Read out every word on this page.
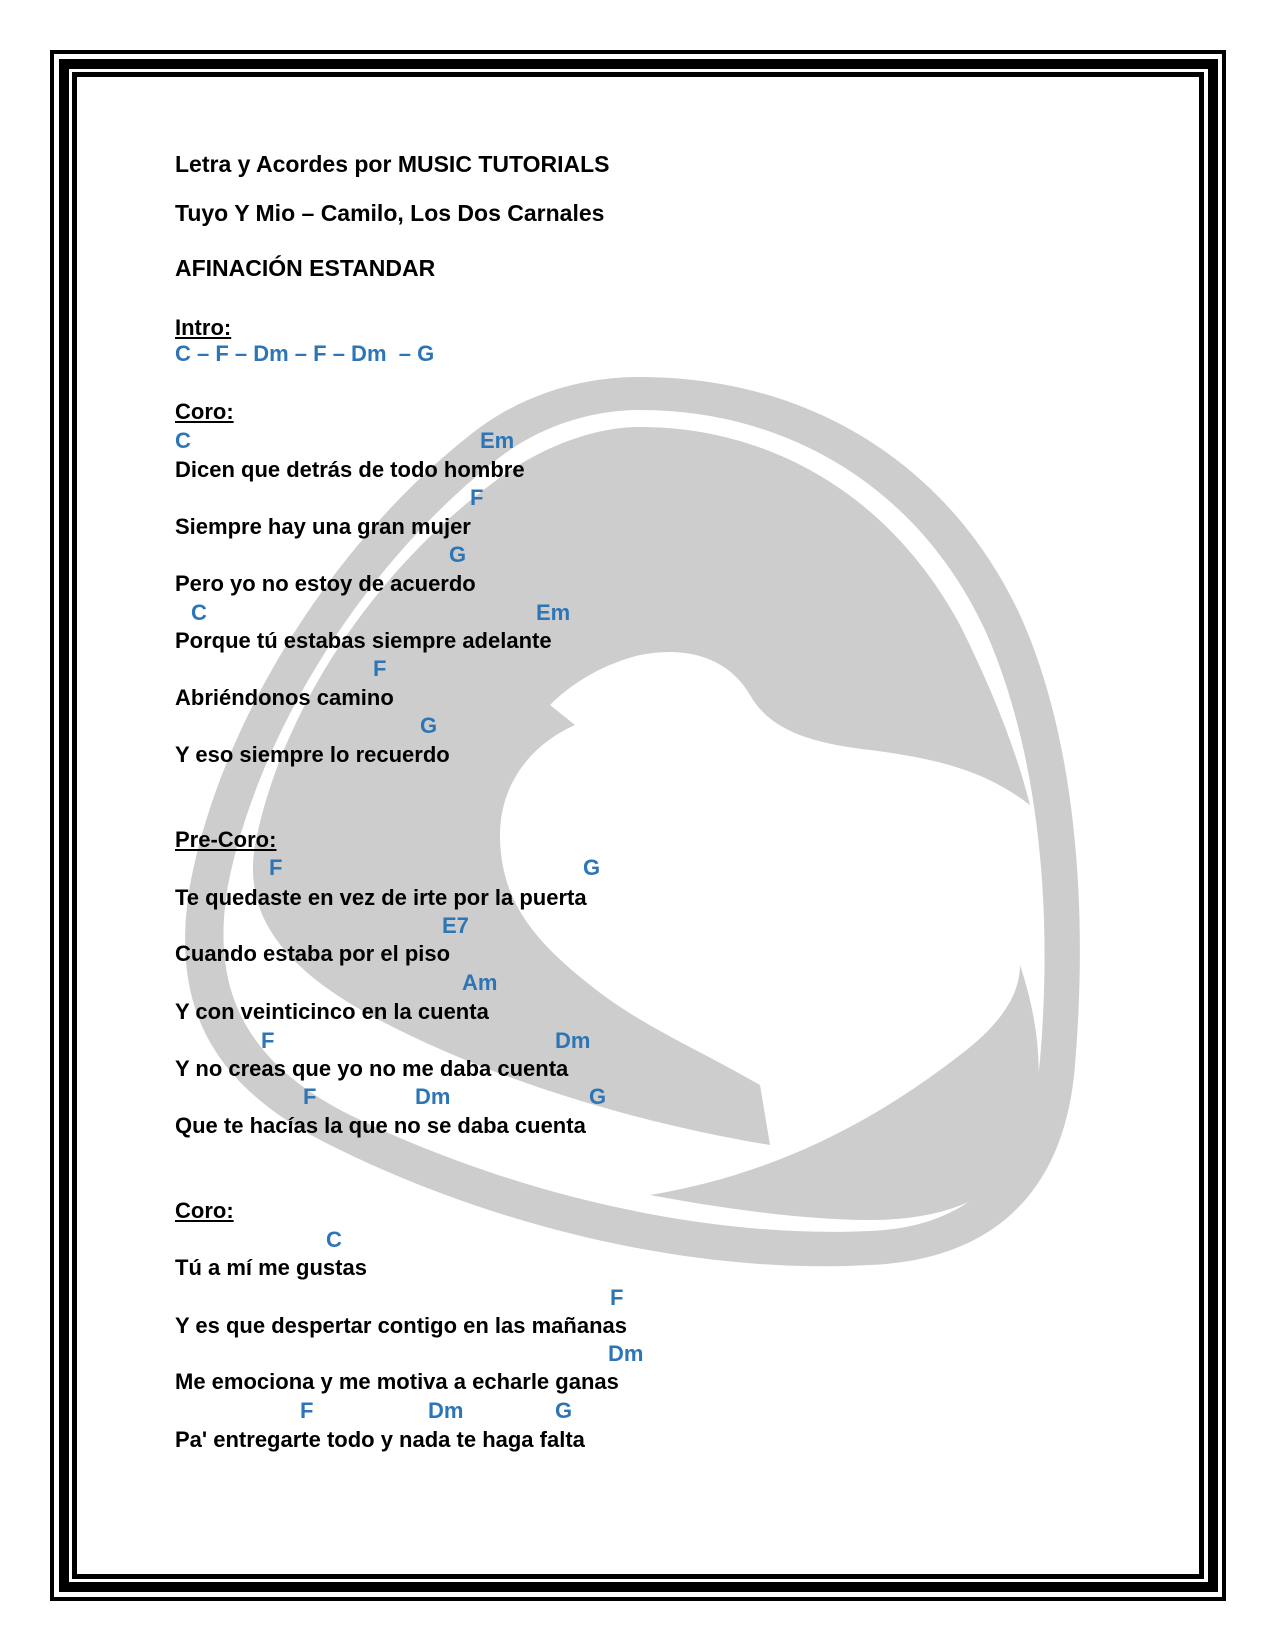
Letra y Acordes por MUSIC TUTORIALS
Tuyo Y Mio – Camilo, Los Dos Carnales
AFINACIÓN ESTANDAR
Intro:
C – F – Dm – F – Dm  – G
Coro:
C	Em
Dicen que detrás de todo hombre
F
Siempre hay una gran mujer
G
Pero yo no estoy de acuerdo
C	Em
Porque tú estabas siempre adelante
F
Abriéndonos camino
G
Y eso siempre lo recuerdo
Pre-Coro:
F	G
Te quedaste en vez de irte por la puerta
E7
Cuando estaba por el piso
Am
Y con veinticinco en la cuenta
F	Dm
Y no creas que yo no me daba cuenta
F	Dm	G
Que te hacías la que no se daba cuenta
Coro:
C
Tú a mí me gustas
F
Y es que despertar contigo en las mañanas
Dm
Me emociona y me motiva a echarle ganas
F	Dm	G
Pa' entregarte todo y nada te haga falta
